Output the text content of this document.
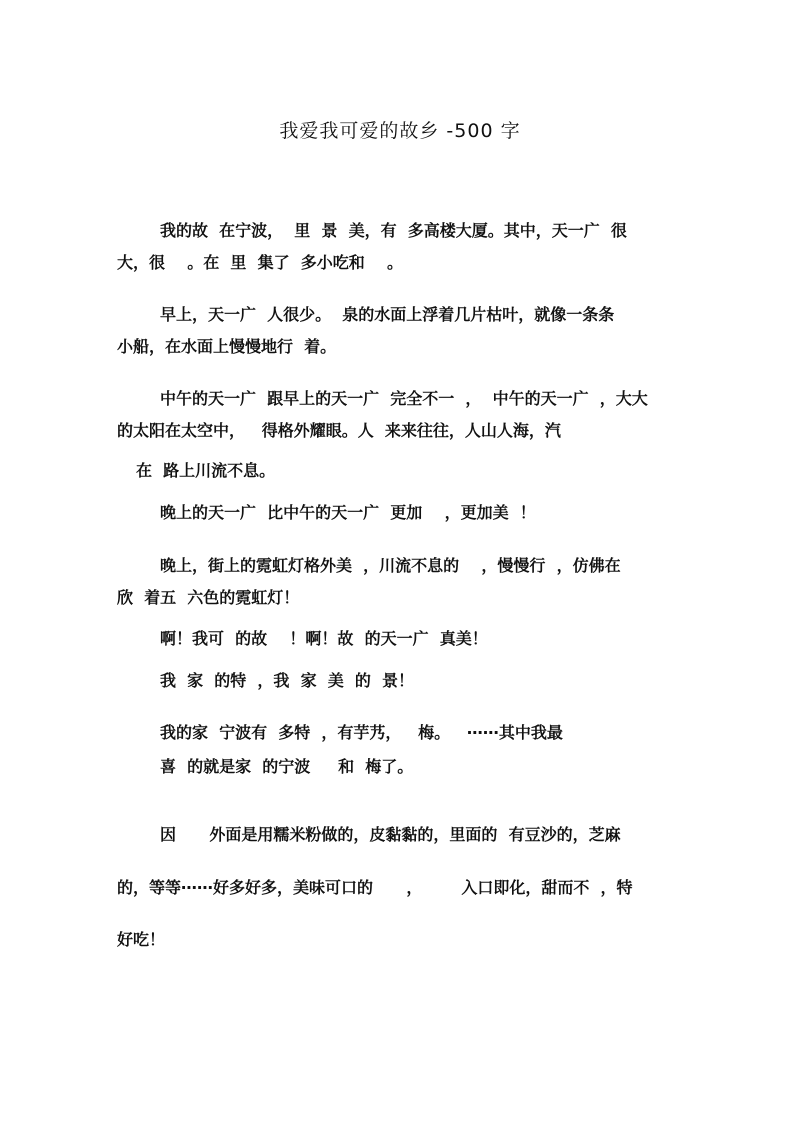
我爱我可爱的故乡 -500 字
我的故  在宁波，  里  景  美，有  多高楼大厦。其中，天一广  很
大，很    。在  里  集了  多小吃和    。
早上，天一广  人很少。  泉的水面上浮着几片枯叶，就像一条条
小船，在水面上慢慢地行  着。
中午的天一广  跟早上的天一广  完全不一  ，  中午的天一广  ，大大
的太阳在太空中，   得格外耀眼。人  来来往往，人山人海，汽
在  路上川流不息。
晚上的天一广  比中午的天一广  更加    ，更加美  ！
晚上，街上的霓虹灯格外美  ，川流不息的    ，慢慢行  ，仿佛在
欣  着五  六色的霓虹灯！
啊！我可  的故    ！啊！故  的天一广  真美！
我  家  的特  ，我  家  美  的  景！
我的家  宁波有  多特  ，有芋艿，   梅。   ⋯⋯其中我最
喜  的就是家  的宁波     和  梅了。
因      外面是用糯米粉做的，皮黏黏的，里面的  有豆沙的，芝麻
的，等等⋯⋯好多好多，美味可口的      ，       入口即化，甜而不  ，特
好吃！
